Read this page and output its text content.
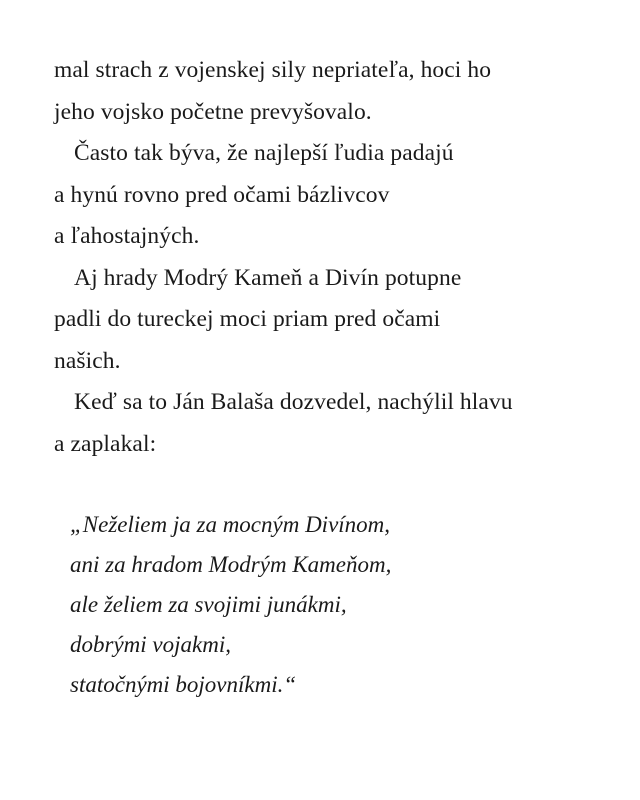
mal strach z vojenskej sily nepriateľa, hoci ho
jeho vojsko početne prevyšovalo.
Často tak býva, že najlepší ľudia padajú
a hynú rovno pred očami bázlivcov
a ľahostajných.
Aj hrady Modrý Kameň a Divín potupne
padli do tureckej moci priam pred očami
našich.
Keď sa to Ján Balaša dozvedel, nachýlil hlavu
a zaplakal:
„Neželiem ja za mocným Divínom,
ani za hradom Modrým Kameňom,
ale želiem za svojimi junákmi,
dobrými vojakmi,
statočnými bojovníkmi.“
